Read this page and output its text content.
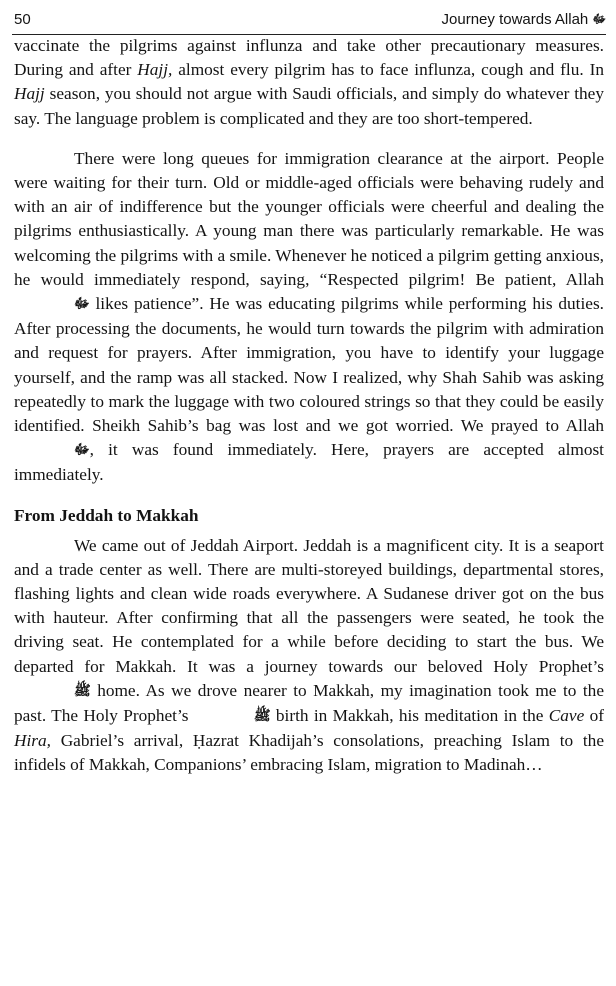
50	Journey towards Allah ﷻ

vaccinate the pilgrims against influnza and take other precautionary measures. During and after Hajj, almost every pilgrim has to face influnza, cough and flu. In Hajj season, you should not argue with Saudi officials, and simply do whatever they say. The language problem is complicated and they are too short-tempered.

There were long queues for immigration clearance at the airport. People were waiting for their turn. Old or middle-aged officials were behaving rudely and with an air of indifference but the younger officials were cheerful and dealing the pilgrims enthusiastically. A young man there was particularly remarkable. He was welcoming the pilgrims with a smile. Whenever he noticed a pilgrim getting anxious, he would immediately respond, saying, “Respected pilgrim! Be patient, Allah ﷻ likes patience”. He was educating pilgrims while performing his duties. After processing the documents, he would turn towards the pilgrim with admiration and request for prayers. After immigration, you have to identify your luggage yourself, and the ramp was all stacked. Now I realized, why Shah Sahib was asking repeatedly to mark the luggage with two coloured strings so that they could be easily identified. Sheikh Sahib’s bag was lost and we got worried. We prayed to Allah ﷻ, it was found immediately. Here, prayers are accepted almost immediately.

From Jeddah to Makkah

We came out of Jeddah Airport. Jeddah is a magnificent city. It is a seaport and a trade center as well. There are multi-storeyed buildings, departmental stores, flashing lights and clean wide roads everywhere. A Sudanese driver got on the bus with hauteur. After confirming that all the passengers were seated, he took the driving seat. He contemplated for a while before deciding to start the bus. We departed for Makkah. It was a journey towards our beloved Holy Prophet’s ﷺ home. As we drove nearer to Makkah, my imagination took me to the past. The Holy Prophet’s	ﷺ birth in Makkah, his meditation in the Cave of Hira, Gabriel’s arrival, Ḥazrat Khadijah’s consolations, preaching Islam to the infidels of Makkah, Companions’ embracing Islam, migration to Madinah…
